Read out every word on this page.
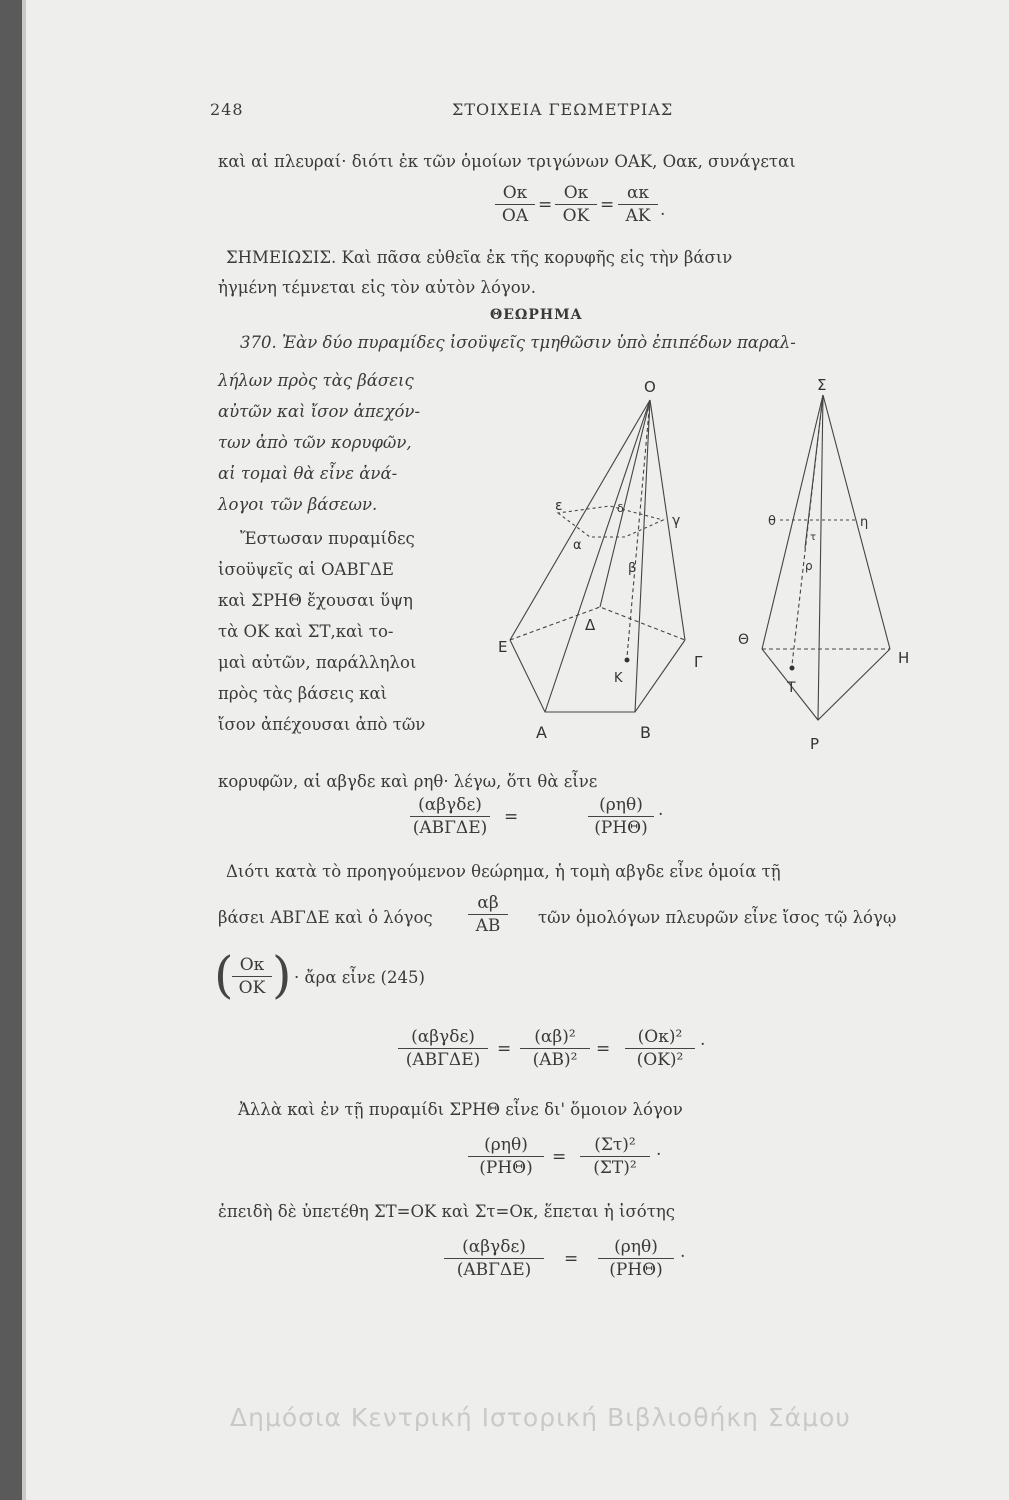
248	ΣΤΟΙΧΕΙΑ ΓΕΩΜΕΤΡΙΑΣ
καὶ αἱ πλευραί· διότι ἐκ τῶν ὁμοίων τριγώνων ΟΑΚ, Οακ, συνάγεται
Οκ
ΟΑ
=
Οκ
ΟΚ
=
ακ
ΑΚ .
ΣΗΜΕΙΩΣΙΣ. Καὶ πᾶσα εὐθεῖα ἐκ τῆς κορυφῆς εἰς τὴν βάσιν
ἠγμένη τέμνεται εἰς τὸν αὐτὸν λόγον.
ΘΕΩΡΗΜΑ
370. Ἐὰν δύο πυραμίδες ἰσοϋψεῖς τμηθῶσιν ὑπὸ ἐπιπέδων παραλ-
λήλων πρὸς τὰς βάσεις
αὐτῶν καὶ ἴσον ἀπεχόν-
των ἀπὸ τῶν κορυφῶν,
αἱ τομαὶ θὰ εἶνε ἀνά-
λογοι τῶν βάσεων.
Ἔστωσαν πυραμίδες
ἰσοϋψεῖς αἱ ΟΑΒΓΔΕ
καὶ ΣΡΗΘ ἔχουσαι ὕψη
τὰ ΟΚ καὶ ΣΤ,καὶ το-
μαὶ αὐτῶν, παράλληλοι
πρὸς τὰς βάσεις καὶ
ἴσον ἀπέχουσαι ἀπὸ τῶν
κορυφῶν, αἱ αβγδε καὶ ρηθ· λέγω, ὅτι θὰ εἶνε
O
ε	δ
γ
α
β
Δ
E
K
Γ
A	B
Σ
θ
τ
η
ρ
Θ
H
T
P
(αβγδε)
(ΑΒΓΔΕ)
=
(ρηθ)
(ΡΗΘ)
.
Διότι κατὰ τὸ προηγούμενον θεώρημα, ἡ τομὴ αβγδε εἶνε ὁμοία τῇ
βάσει ΑΒΓΔΕ καὶ ὁ λόγος
αβ
ΑΒ	τῶν ὁμολόγων πλευρῶν εἶνε ἴσος τῷ λόγῳ
( Οκ
ΟΚ ) · ἄρα εἶνε (245)
(αβγδε)
(ΑΒΓΔΕ)
=
(αβ)²
(ΑΒ)²
=
(Οκ)²
(ΟΚ)²
.
Ἀλλὰ καὶ ἐν τῇ πυραμίδι ΣΡΗΘ εἶνε δι' ὅμοιον λόγον
(ρηθ)
(ΡΗΘ)
=
(Στ)²
(ΣΤ)²
.
ἐπειδὴ δὲ ὑπετέθη ΣΤ=ΟΚ καὶ Στ=Οκ, ἕπεται ἡ ἰσότης
(αβγδε)
(ΑΒΓΔΕ)
=
(ρηθ)
(ΡΗΘ)
.
Δημόσια Κεντρική Ιστορική Βιβλιοθήκη Σάμου
